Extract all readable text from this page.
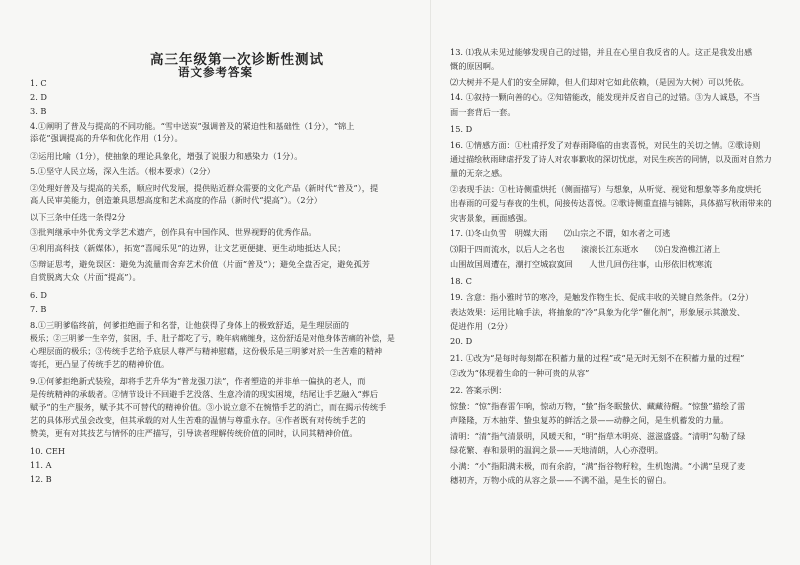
高三年级第一次诊断性测试
语文参考答案
1. C
2. D
3. B
4.①阐明了普及与提高的不同功能。“雪中送炭”强调普及的紧迫性和基础性（1分），“锦上
添花”强调提高的升华和优化作用（1分）。
②运用比喻（1分），使抽象的理论具象化，增强了说服力和感染力（1分）。
5.①坚守人民立场，深入生活。（根本要求）（2分）
②处理好普及与提高的关系，顺应时代发展，提供贴近群众需要的文化产品（新时代“普及”），提
高人民审美能力，创造兼具思想高度和艺术高度的作品（新时代“提高”）。（2分）
以下三条中任选一条得2分
③批判继承中外优秀文学艺术遗产，创作具有中国作风、世界视野的优秀作品。
④利用高科技（新媒体），拓宽“喜闻乐见”的边界，让文艺更便捷、更生动地抵达人民；
⑤辩证思考，避免误区：避免为流量而舍弃艺术价值（片面“普及”）；避免全盘否定，避免孤芳
自赏脱离大众（片面“提高”）。
6. D
7. B
8.①三明爹临终前，何爹拒绝面子和名誉，让他获得了身体上的极致舒适，是生理层面的
极乐；②三明爹一生辛劳，贫困，手、肚子都吃了亏，晚年病痛缠身，这份舒适是对他身体苦痛的补偿，是
心理层面的极乐；③传统手艺给予底层人尊严与精神慰藉，这份极乐是三明爹对於一生苦难的精神
寄托，更凸显了传统手艺的精神价值。
9.①何爹拒绝新式装殓，却将手艺升华为“普龙强刀法”，作者塑造的并非单一偏执的老人，而
是传统精神的承载者。②情节设计不回避手艺没落、生意冷清的现实困境，结尾让手艺融入“葬后
赋予”的生产服务，赋予其不可替代的精神价值。③小说立意不在惋惜手艺的消亡，而在揭示传统手
艺的具体形式虽会改变，但其承载的对人生苦难的温情与尊重永存。④作者既有对传统手艺的
赞美，更有对其技艺与情怀的庄严描写，引导读者理解传统价值的同时，认同其精神价值。
10. CEH
11. A
12. B
13. ⑴我从未见过能够发现自己的过错，并且在心里自我反省的人。这正是我发出感
慨的原因啊。
⑵大树并不是人们的安全屏障，但人们却对它如此依赖，（是因为大树）可以凭依。
14. ①叙持一颗向善的心。②知错能改，能发现并反省自己的过错。③为人诚恳，不当
面一套背后一套。
15. D
16. ①情感方面：①杜甫抒发了对春雨降临的由衷喜悦，对民生的关切之情。②歌诗则
通过描绘秋雨肆虐抒发了诗人对农事歉收的深切忧虑，对民生疾苦的同情，以及面对自然力
量的无奈之感。
②表现手法：①杜诗侧重烘托（侧面描写）与想象，从听觉、视觉和想象等多角度烘托
出春雨的可爱与春夜的生机，间接传达喜悦。②歌诗侧重直描与铺陈，具体描写秋雨带来的
灾害景象，画面感强。
17. ⑴冬山负雪　明媒大雨　　⑵山宗之不谓，如水者之可逃
⑶阳于四而流水，以后人之名也　　滚滚长江东逝水　　⑶白发渔樵江渚上
山围故国周遭在，潮打空城寂寞回　　人世几回伤往事，山形依旧枕寒流
18. C
19. 含意：指小雅时节的寒冷，是触发作物生长、促成丰收的关键自然条件。（2分）
表达效果：运用比喻手法，将抽象的“冷”具象为化学“催化剂”，形象展示其激发、
促进作用（2分）
20. D
21. ①改为“是每时每刻都在积蓄力量的过程”或“是无时无刻不在积蓄力量的过程”
②改为“体现着生命的一种可贵的从容”
22. 答案示例：
惊蛰：“惊”指春雷乍响，惊动万物，“蛰”指冬眠蛰伏、藏藏待醒。“惊蛰”描绘了雷
声隆隆，万木抽芽、蛰虫复苏的鲜活之景——动静之间，是生机蓄发的力量。
清明：“清”指气清景明，风暖天和，“明”指草木明亮、滋滋盛盛。“清明”勾勒了绿
绿花繁、春和景明的温润之景——天地清朗，人心亦澄明。
小满：“小”指阳满未极，而有余韵，“满”指谷物籽粒，生机饱满。“小满”呈现了麦
穗初齐，万物小成的从容之景——不满不溢，是生长的留白。
